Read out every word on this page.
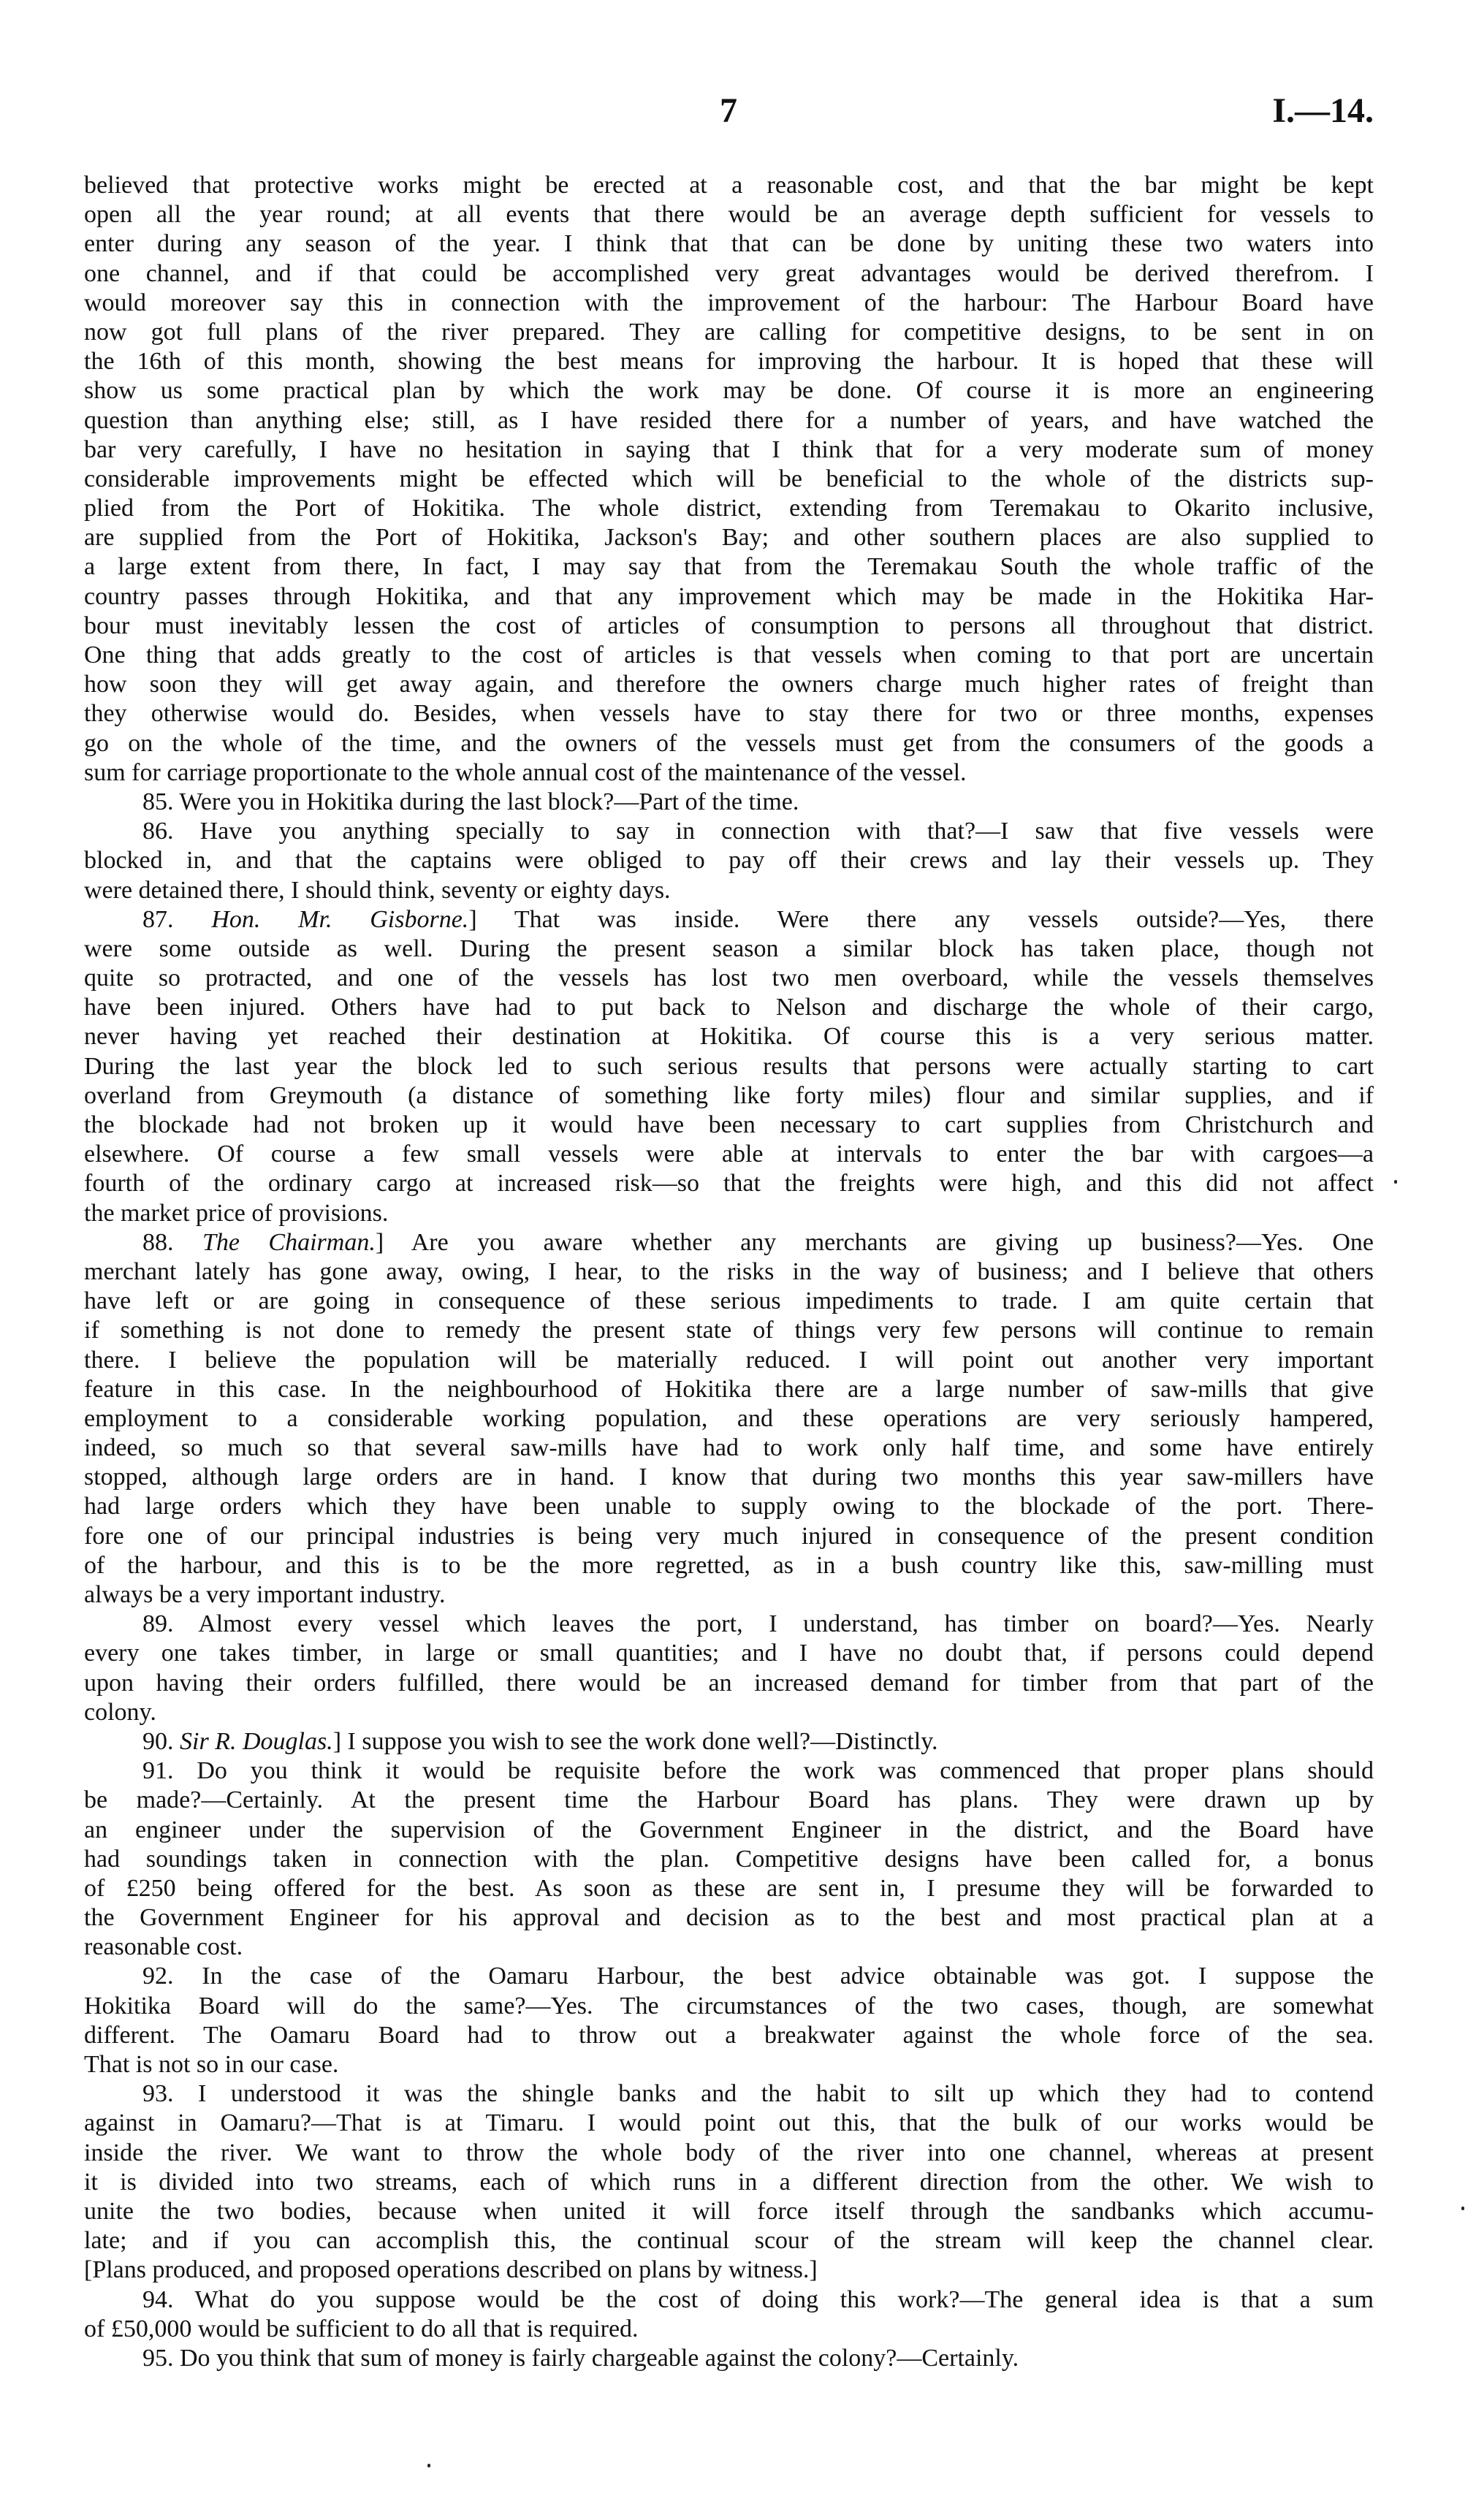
7	I.—14.
believed that protective works might be erected at a reasonable cost, and that the bar might be kept
open all the year round; at all events that there would be an average depth sufficient for vessels to
enter during any season of the year. I think that that can be done by uniting these two waters into
one channel, and if that could be accomplished very great advantages would be derived therefrom. I
would moreover say this in connection with the improvement of the harbour: The Harbour Board have
now got full plans of the river prepared. They are calling for competitive designs, to be sent in on
the 16th of this month, showing the best means for improving the harbour. It is hoped that these will
show us some practical plan by which the work may be done. Of course it is more an engineering
question than anything else; still, as I have resided there for a number of years, and have watched the
bar very carefully, I have no hesitation in saying that I think that for a very moderate sum of money
considerable improvements might be effected which will be beneficial to the whole of the districts sup-
plied from the Port of Hokitika. The whole district, extending from Teremakau to Okarito inclusive,
are supplied from the Port of Hokitika, Jackson's Bay; and other southern places are also supplied to
a large extent from there, In fact, I may say that from the Teremakau South the whole traffic of the
country passes through Hokitika, and that any improvement which may be made in the Hokitika Har-
bour must inevitably lessen the cost of articles of consumption to persons all throughout that district.
One thing that adds greatly to the cost of articles is that vessels when coming to that port are uncertain
how soon they will get away again, and therefore the owners charge much higher rates of freight than
they otherwise would do. Besides, when vessels have to stay there for two or three months, expenses
go on the whole of the time, and the owners of the vessels must get from the consumers of the goods a
sum for carriage proportionate to the whole annual cost of the maintenance of the vessel.
85. Were you in Hokitika during the last block?—Part of the time.
86. Have you anything specially to say in connection with that?—I saw that five vessels were
blocked in, and that the captains were obliged to pay off their crews and lay their vessels up. They
were detained there, I should think, seventy or eighty days.
87. Hon. Mr. Gisborne.] That was inside. Were there any vessels outside?—Yes, there
were some outside as well. During the present season a similar block has taken place, though not
quite so protracted, and one of the vessels has lost two men overboard, while the vessels themselves
have been injured. Others have had to put back to Nelson and discharge the whole of their cargo,
never having yet reached their destination at Hokitika. Of course this is a very serious matter.
During the last year the block led to such serious results that persons were actually starting to cart
overland from Greymouth (a distance of something like forty miles) flour and similar supplies, and if
the blockade had not broken up it would have been necessary to cart supplies from Christchurch and
elsewhere. Of course a few small vessels were able at intervals to enter the bar with cargoes—a
fourth of the ordinary cargo at increased risk—so that the freights were high, and this did not affect
the market price of provisions.
88. The Chairman.] Are you aware whether any merchants are giving up business?—Yes. One
merchant lately has gone away, owing, I hear, to the risks in the way of business; and I believe that others
have left or are going in consequence of these serious impediments to trade. I am quite certain that
if something is not done to remedy the present state of things very few persons will continue to remain
there. I believe the population will be materially reduced. I will point out another very important
feature in this case. In the neighbourhood of Hokitika there are a large number of saw-mills that give
employment to a considerable working population, and these operations are very seriously hampered,
indeed, so much so that several saw-mills have had to work only half time, and some have entirely
stopped, although large orders are in hand. I know that during two months this year saw-millers have
had large orders which they have been unable to supply owing to the blockade of the port. There-
fore one of our principal industries is being very much injured in consequence of the present condition
of the harbour, and this is to be the more regretted, as in a bush country like this, saw-milling must
always be a very important industry.
89. Almost every vessel which leaves the port, I understand, has timber on board?—Yes. Nearly
every one takes timber, in large or small quantities; and I have no doubt that, if persons could depend
upon having their orders fulfilled, there would be an increased demand for timber from that part of the
colony.
90. Sir R. Douglas.] I suppose you wish to see the work done well?—Distinctly.
91. Do you think it would be requisite before the work was commenced that proper plans should
be made?—Certainly. At the present time the Harbour Board has plans. They were drawn up by
an engineer under the supervision of the Government Engineer in the district, and the Board have
had soundings taken in connection with the plan. Competitive designs have been called for, a bonus
of £250 being offered for the best. As soon as these are sent in, I presume they will be forwarded to
the Government Engineer for his approval and decision as to the best and most practical plan at a
reasonable cost.
92. In the case of the Oamaru Harbour, the best advice obtainable was got. I suppose the
Hokitika Board will do the same?—Yes. The circumstances of the two cases, though, are somewhat
different. The Oamaru Board had to throw out a breakwater against the whole force of the sea.
That is not so in our case.
93. I understood it was the shingle banks and the habit to silt up which they had to contend
against in Oamaru?—That is at Timaru. I would point out this, that the bulk of our works would be
inside the river. We want to throw the whole body of the river into one channel, whereas at present
it is divided into two streams, each of which runs in a different direction from the other. We wish to
unite the two bodies, because when united it will force itself through the sandbanks which accumu-
late; and if you can accomplish this, the continual scour of the stream will keep the channel clear.
[Plans produced, and proposed operations described on plans by witness.]
94. What do you suppose would be the cost of doing this work?—The general idea is that a sum
of £50,000 would be sufficient to do all that is required.
95. Do you think that sum of money is fairly chargeable against the colony?—Certainly.
